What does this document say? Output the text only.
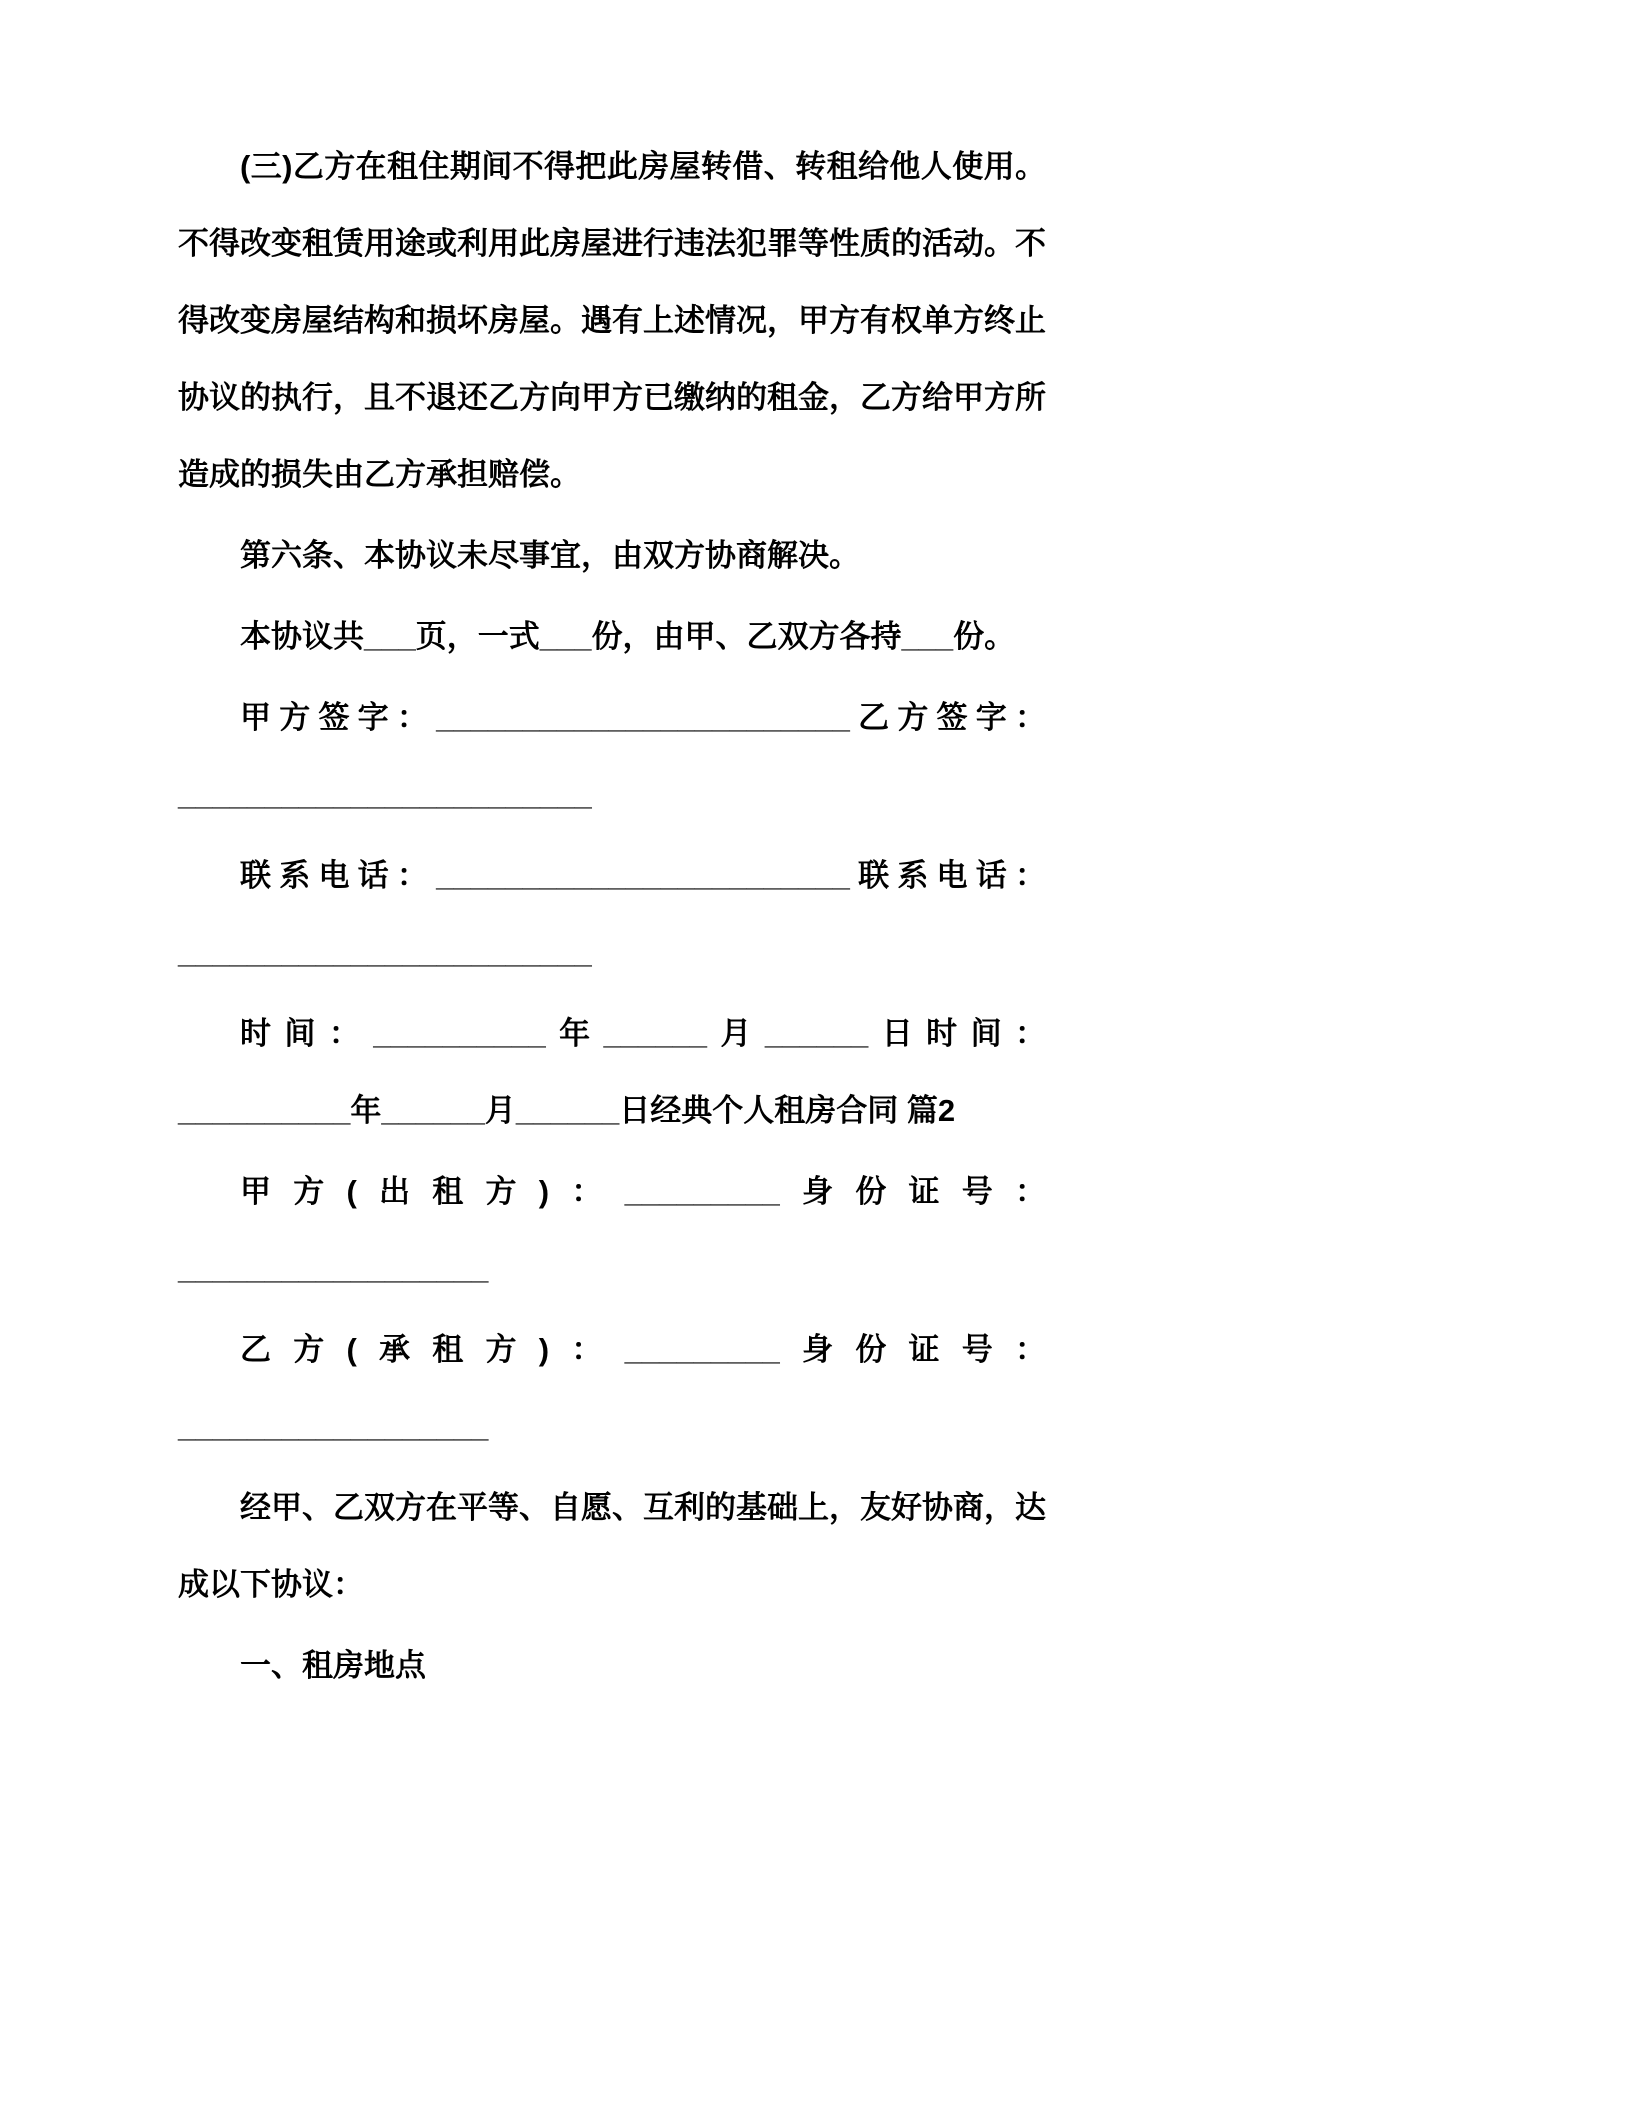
(三)乙方在租住期间不得把此房屋转借、转租给他人使用。不得改变租赁用途或利用此房屋进行违法犯罪等性质的活动。不得改变房屋结构和损坏房屋。遇有上述情况，甲方有权单方终止协议的执行，且不退还乙方向甲方已缴纳的租金，乙方给甲方所造成的损失由乙方承担赔偿。

第六条、本协议未尽事宜，由双方协商解决。

本协议共___页，一式___份，由甲、乙双方各持___份。

甲方签字：________________________乙方签字：________________________

联系电话：________________________联系电话：________________________

时间：__________年______月______日时间：__________年______月______日经典个人租房合同 篇2

甲方(出租方)：_________身份证号：__________________

乙方(承租方)：_________身份证号：__________________

经甲、乙双方在平等、自愿、互利的基础上，友好协商，达成以下协议：

一、租房地点
